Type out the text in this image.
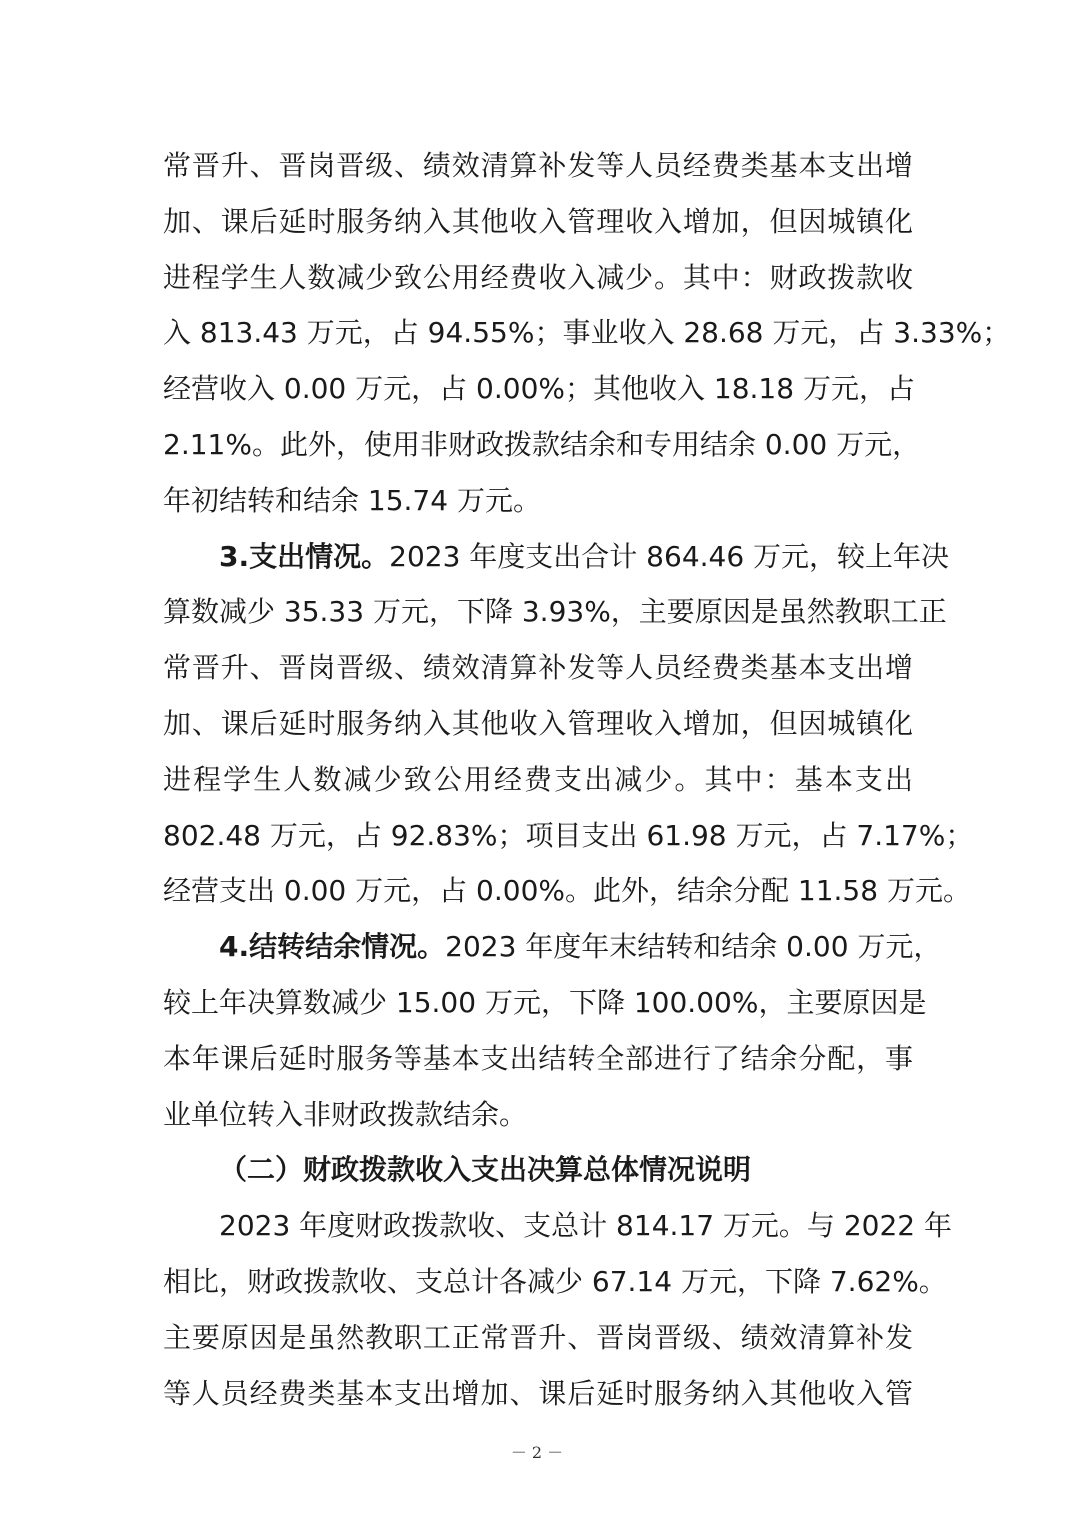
常晋升、晋岗晋级、绩效清算补发等人员经费类基本支出增
加、课后延时服务纳入其他收入管理收入增加，但因城镇化
进程学生人数减少致公用经费收入减少。其中：财政拨款收
入 813.43 万元，占 94.55%；事业收入 28.68 万元，占 3.33%；
经营收入 0.00 万元，占 0.00%；其他收入 18.18 万元，占
2.11%。此外，使用非财政拨款结余和专用结余 0.00 万元，
年初结转和结余 15.74 万元。
3.支出情况。2023 年度支出合计 864.46 万元，较上年决
算数减少 35.33 万元，下降 3.93%，主要原因是虽然教职工正
常晋升、晋岗晋级、绩效清算补发等人员经费类基本支出增
加、课后延时服务纳入其他收入管理收入增加，但因城镇化
进程学生人数减少致公用经费支出减少。其中：基本支出
802.48 万元，占 92.83%；项目支出 61.98 万元，占 7.17%；
经营支出 0.00 万元，占 0.00%。此外，结余分配 11.58 万元。
4.结转结余情况。2023 年度年末结转和结余 0.00 万元，
较上年决算数减少 15.00 万元，下降 100.00%，主要原因是
本年课后延时服务等基本支出结转全部进行了结余分配，事
业单位转入非财政拨款结余。
（二）财政拨款收入支出决算总体情况说明
2023 年度财政拨款收、支总计 814.17 万元。与 2022 年
相比，财政拨款收、支总计各减少 67.14 万元，下降 7.62%。
主要原因是虽然教职工正常晋升、晋岗晋级、绩效清算补发
等人员经费类基本支出增加、课后延时服务纳入其他收入管
－ 2 －
